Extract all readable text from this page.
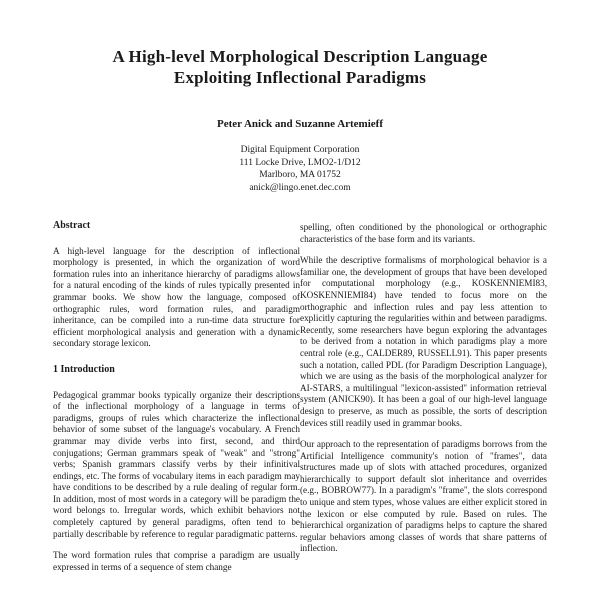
A High-level Morphological Description Language
Exploiting Inflectional Paradigms
Peter Anick and Suzanne Artemieff
Digital Equipment Corporation
111 Locke Drive, LMO2-1/D12
Marlboro, MA 01752
anick@lingo.enet.dec.com
Abstract
A high-level language for the description of inflectional morphology is presented, in which the organization of word formation rules into an inheritance hierarchy of paradigms allows for a natural encoding of the kinds of rules typically presented in grammar books. We show how the language, composed of orthographic rules, word formation rules, and paradigm inheritance, can be compiled into a run-time data structure for efficient morphological analysis and generation with a dynamic secondary storage lexicon.
1 Introduction
Pedagogical grammar books typically organize their descriptions of the inflectional morphology of a language in terms of paradigms, groups of rules which characterize the inflectional behavior of some subset of the language's vocabulary. A French grammar may divide verbs into first, second, and third conjugations; German grammars speak of "weak" and "strong" verbs; Spanish grammars classify verbs by their infinitival endings, etc. The forms of vocabulary items in each paradigm may have conditions to be described by a rule dealing of regular form. In addition, most of most words in a category will be paradigm the word belongs to. Irregular words, which exhibit behaviors not completely captured by general paradigms, often tend to be partially describable by reference to regular paradigmatic patterns.
The word formation rules that comprise a paradigm are usually expressed in terms of a sequence of stem change
spelling, often conditioned by the phonological or orthographic characteristics of the base form and its variants.
While the descriptive formalisms of morphological behavior is a familiar one, the development of groups that have been developed for computational morphology (e.g., KOSKENNIEMI83, KOSKENNIEMI84) have tended to focus more on the orthographic and inflection rules and pay less attention to explicitly capturing the regularities within and between paradigms. Recently, some researchers have begun exploring the advantages to be derived from a notation in which paradigms play a more central role (e.g., CALDER89, RUSSELL91). This paper presents such a notation, called PDL (for Paradigm Description Language), which we are using as the basis of the morphological analyzer for AI-STARS, a multilingual "lexicon-assisted" information retrieval system (ANICK90). It has been a goal of our high-level language design to preserve, as much as possible, the sorts of description devices still readily used in grammar books.
Our approach to the representation of paradigms borrows from the Artificial Intelligence community's notion of "frames", data structures made up of slots with attached procedures, organized hierarchically to support default slot inheritance and overrides (e.g., BOBROW77). In a paradigm's "frame", the slots correspond to unique and stem types, whose values are either explicit stored in the lexicon or else computed by rule. Based on rules. The hierarchical organization of paradigms helps to capture the shared regular behaviors among classes of words that share patterns of inflection.
